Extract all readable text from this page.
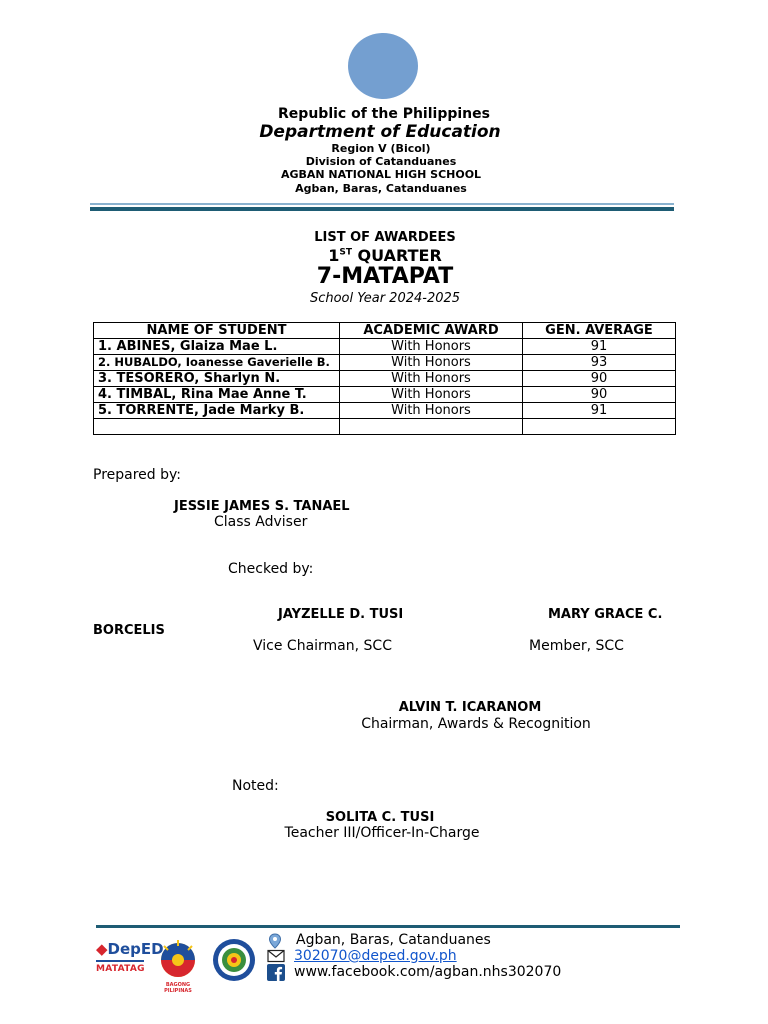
Republic of the Philippines
Department of Education
Region V (Bicol)
Division of Catanduanes
AGBAN NATIONAL HIGH SCHOOL
Agban, Baras, Catanduanes
LIST OF AWARDEES
1ST QUARTER
7-MATAPAT
School Year 2024-2025
NAME OF STUDENT	ACADEMIC AWARD	GEN. AVERAGE
1. ABINES, Glaiza Mae L.	With Honors	91
2. HUBALDO, Ioanesse Gaverielle B.	With Honors	93
3. TESORERO, Sharlyn N.	With Honors	90
4. TIMBAL, Rina Mae Anne T.	With Honors	90
5. TORRENTE, Jade Marky B.	With Honors	91

Prepared by:
JESSIE JAMES S. TANAEL
Class Adviser
Checked by:
JAYZELLE D. TUSI	MARY GRACE C.
BORCELIS
Vice Chairman, SCC	Member, SCC
ALVIN T. ICARANOM
Chairman, Awards & Recognition
Noted:
SOLITA C. TUSI
Teacher III/Officer-In-Charge
◆DepED
MATATAG
BAGONG PILIPINAS
Agban, Baras, Catanduanes
302070@deped.gov.ph
www.facebook.com/agban.nhs302070
